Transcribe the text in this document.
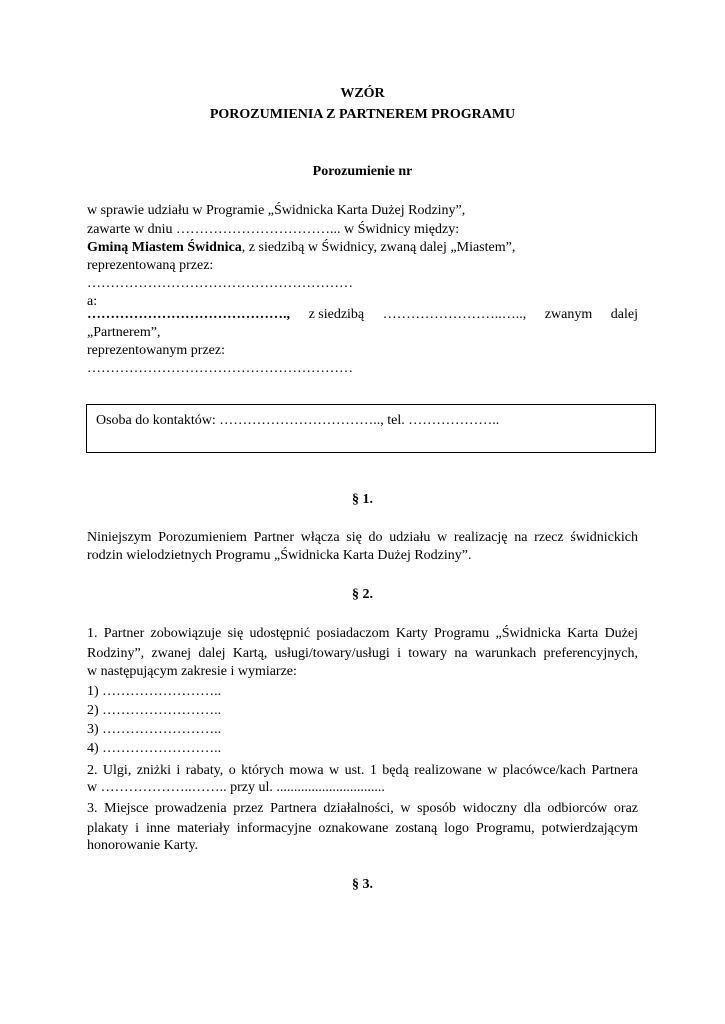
WZÓR
POROZUMIENIA Z PARTNEREM PROGRAMU
Porozumienie nr
w sprawie udziału w Programie „Świdnicka Karta Dużej Rodziny”,
zawarte w dniu ……………………………... w Świdnicy między:
Gminą Miastem Świdnica, z siedzibą w Świdnicy, zwaną dalej „Miastem”,
reprezentowaną przez:
…………………………………………………
a:
……………………………………., z siedzibą ……………………..….., zwanym dalej
„Partnerem”,
reprezentowanym przez:
…………………………………………………
Osoba do kontaktów: …………………………….., tel. ………………..
§ 1.
Niniejszym Porozumieniem Partner włącza się do udziału w realizację na rzecz świdnickich
rodzin wielodzietnych Programu „Świdnicka Karta Dużej Rodziny”.
§ 2.
1. Partner zobowiązuje się udostępnić posiadaczom Karty Programu „Świdnicka Karta Dużej
Rodziny”, zwanej dalej Kartą, usługi/towary/usługi i towary na warunkach preferencyjnych,
w następującym zakresie i wymiarze:
1) ……………………..
2) ……………………..
3) ……………………..
4) ……………………..
2. Ulgi, zniżki i rabaty, o których mowa w ust. 1 będą realizowane w placówce/kach Partnera
w ………………..…….. przy ul. ...............................
3. Miejsce prowadzenia przez Partnera działalności, w sposób widoczny dla odbiorców oraz
plakaty i inne materiały informacyjne oznakowane zostaną logo Programu, potwierdzającym
honorowanie Karty.
§ 3.
